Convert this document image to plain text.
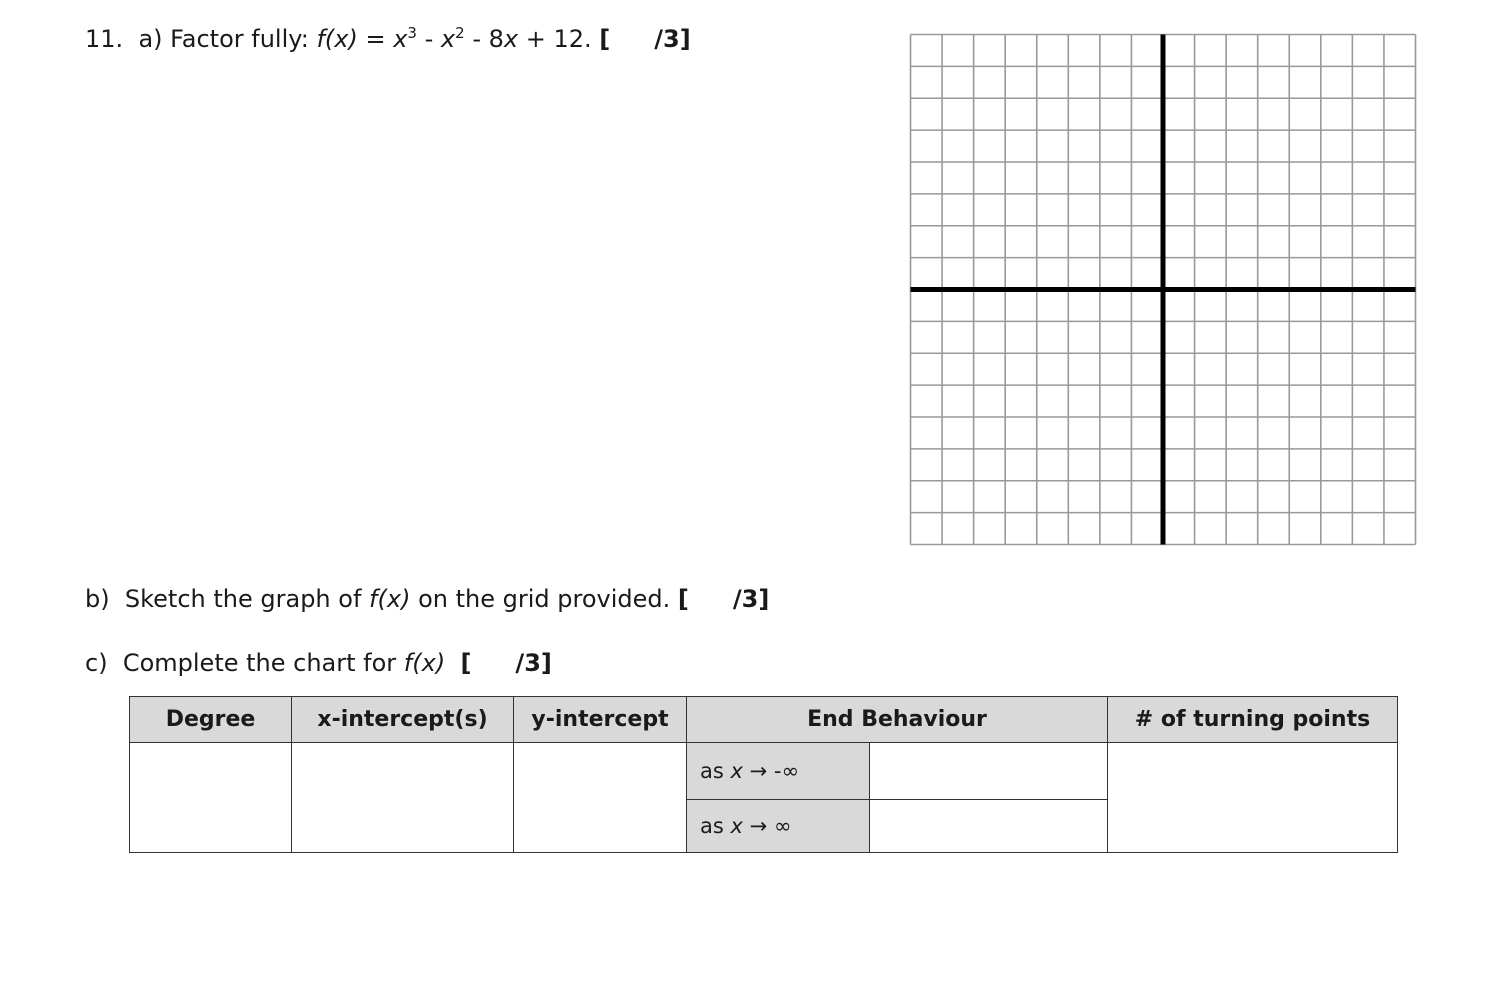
11. a) Factor fully: $f(x) = x^3 - x^2 - 8x + 12$. [ /3]
b) Sketch the graph of f(x) on the grid provided. [ /3]
c) Complete the chart for f(x) [ /3]
Degree	x-intercept(s)	y-intercept	End Behaviour		# of turning points
			as x → -∞		
			as x → ∞		
